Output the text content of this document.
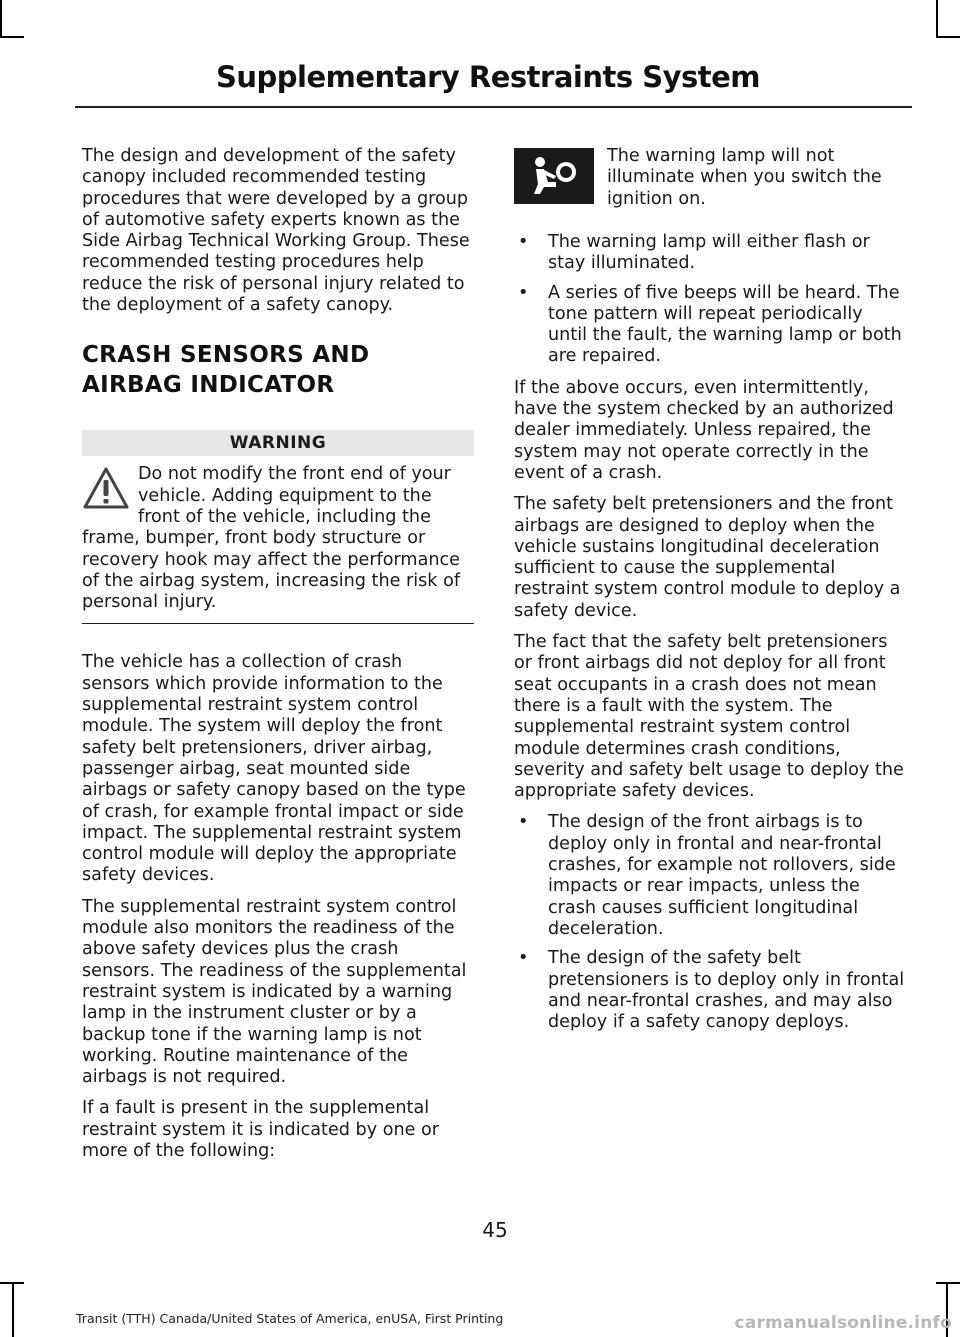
Supplementary Restraints System

The design and development of the safety canopy included recommended testing procedures that were developed by a group of automotive safety experts known as the Side Airbag Technical Working Group. These recommended testing procedures help reduce the risk of personal injury related to the deployment of a safety canopy.

CRASH SENSORS AND
AIRBAG INDICATOR
WARNING
Do not modify the front end of your vehicle. Adding equipment to the front of the vehicle, including the frame, bumper, front body structure or recovery hook may affect the performance of the airbag system, increasing the risk of personal injury.

The vehicle has a collection of crash sensors which provide information to the supplemental restraint system control module. The system will deploy the front safety belt pretensioners, driver airbag, passenger airbag, seat mounted side airbags or safety canopy based on the type of crash, for example frontal impact or side impact. The supplemental restraint system control module will deploy the appropriate safety devices.

The supplemental restraint system control module also monitors the readiness of the above safety devices plus the crash sensors. The readiness of the supplemental restraint system is indicated by a warning lamp in the instrument cluster or by a backup tone if the warning lamp is not working. Routine maintenance of the airbags is not required.

If a fault is present in the supplemental restraint system it is indicated by one or more of the following:

The warning lamp will not illuminate when you switch the ignition on.
• The warning lamp will either flash or stay illuminated.
• A series of five beeps will be heard. The tone pattern will repeat periodically until the fault, the warning lamp or both are repaired.

If the above occurs, even intermittently, have the system checked by an authorized dealer immediately. Unless repaired, the system may not operate correctly in the event of a crash.

The safety belt pretensioners and the front airbags are designed to deploy when the vehicle sustains longitudinal deceleration sufficient to cause the supplemental restraint system control module to deploy a safety device.

The fact that the safety belt pretensioners or front airbags did not deploy for all front seat occupants in a crash does not mean there is a fault with the system. The supplemental restraint system control module determines crash conditions, severity and safety belt usage to deploy the appropriate safety devices.

• The design of the front airbags is to deploy only in frontal and near-frontal crashes, for example not rollovers, side impacts or rear impacts, unless the crash causes sufficient longitudinal deceleration.
• The design of the safety belt pretensioners is to deploy only in frontal and near-frontal crashes, and may also deploy if a safety canopy deploys.
45
Transit (TTH) Canada/United States of America, enUSA, First Printing	carmanualsonline.info
